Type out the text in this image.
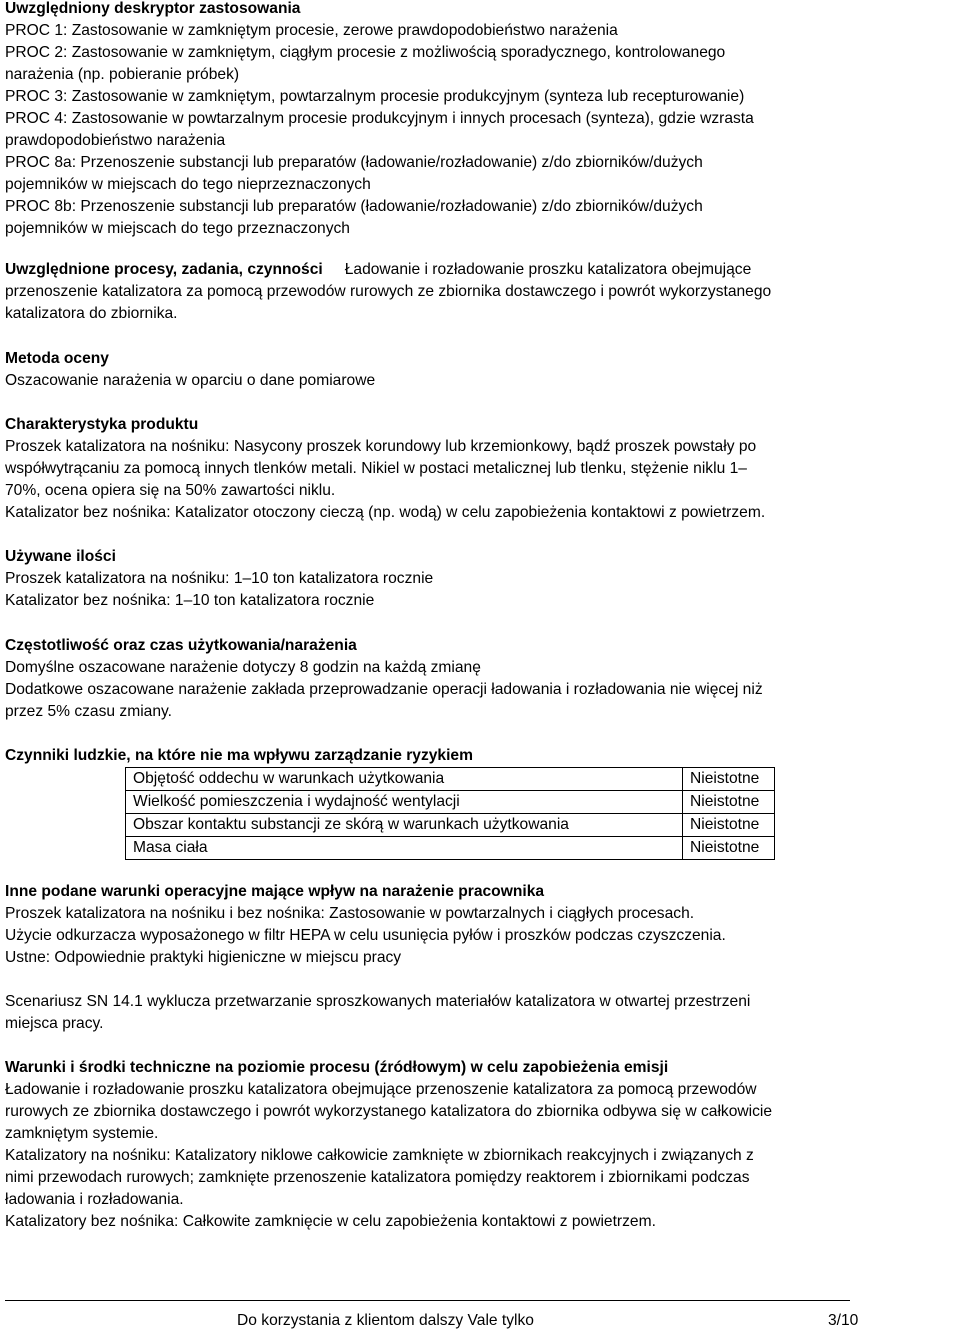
Uwzględniony deskryptor zastosowania
PROC 1: Zastosowanie w zamkniętym procesie, zerowe prawdopodobieństwo narażenia
PROC 2: Zastosowanie w zamkniętym, ciągłym procesie z możliwością sporadycznego, kontrolowanego
narażenia (np. pobieranie próbek)
PROC 3: Zastosowanie w zamkniętym, powtarzalnym procesie produkcyjnym (synteza lub recepturowanie)
PROC 4: Zastosowanie w powtarzalnym procesie produkcyjnym i innych procesach (synteza), gdzie wzrasta
prawdopodobieństwo narażenia
PROC 8a: Przenoszenie substancji lub preparatów (ładowanie/rozładowanie) z/do zbiorników/dużych
pojemników w miejscach do tego nieprzeznaczonych
PROC 8b: Przenoszenie substancji lub preparatów (ładowanie/rozładowanie) z/do zbiorników/dużych
pojemników w miejscach do tego przeznaczonych
Uwzględnione procesy, zadania, czynności Ładowanie i rozładowanie proszku katalizatora obejmujące
przenoszenie katalizatora za pomocą przewodów rurowych ze zbiornika dostawczego i powrót wykorzystanego
katalizatora do zbiornika.
Metoda oceny
Oszacowanie narażenia w oparciu o dane pomiarowe
Charakterystyka produktu
Proszek katalizatora na nośniku: Nasycony proszek korundowy lub krzemionkowy, bądź proszek powstały po
współwytrącaniu za pomocą innych tlenków metali. Nikiel w postaci metalicznej lub tlenku, stężenie niklu 1–
70%, ocena opiera się na 50% zawartości niklu.
Katalizator bez nośnika: Katalizator otoczony cieczą (np. wodą) w celu zapobieżenia kontaktowi z powietrzem.
Używane ilości
Proszek katalizatora na nośniku: 1–10 ton katalizatora rocznie
Katalizator bez nośnika: 1–10 ton katalizatora rocznie
Częstotliwość oraz czas użytkowania/narażenia
Domyślne oszacowane narażenie dotyczy 8 godzin na każdą zmianę
Dodatkowe oszacowane narażenie zakłada przeprowadzanie operacji ładowania i rozładowania nie więcej niż
przez 5% czasu zmiany.
Czynniki ludzkie, na które nie ma wpływu zarządzanie ryzykiem
Objętość oddechu w warunkach użytkowania	Nieistotne
Wielkość pomieszczenia i wydajność wentylacji	Nieistotne
Obszar kontaktu substancji ze skórą w warunkach użytkowania	Nieistotne
Masa ciała	Nieistotne
Inne podane warunki operacyjne mające wpływ na narażenie pracownika
Proszek katalizatora na nośniku i bez nośnika: Zastosowanie w powtarzalnych i ciągłych procesach.
Użycie odkurzacza wyposażonego w filtr HEPA w celu usunięcia pyłów i proszków podczas czyszczenia.
Ustne: Odpowiednie praktyki higieniczne w miejscu pracy
Scenariusz SN 14.1 wyklucza przetwarzanie sproszkowanych materiałów katalizatora w otwartej przestrzeni
miejsca pracy.
Warunki i środki techniczne na poziomie procesu (źródłowym) w celu zapobieżenia emisji
Ładowanie i rozładowanie proszku katalizatora obejmujące przenoszenie katalizatora za pomocą przewodów
rurowych ze zbiornika dostawczego i powrót wykorzystanego katalizatora do zbiornika odbywa się w całkowicie
zamkniętym systemie.
Katalizatory na nośniku: Katalizatory niklowe całkowicie zamknięte w zbiornikach reakcyjnych i związanych z
nimi przewodach rurowych; zamknięte przenoszenie katalizatora pomiędzy reaktorem i zbiornikami podczas
ładowania i rozładowania.
Katalizatory bez nośnika: Całkowite zamknięcie w celu zapobieżenia kontaktowi z powietrzem.
Do korzystania z klientom dalszy Vale tylko	3/10
